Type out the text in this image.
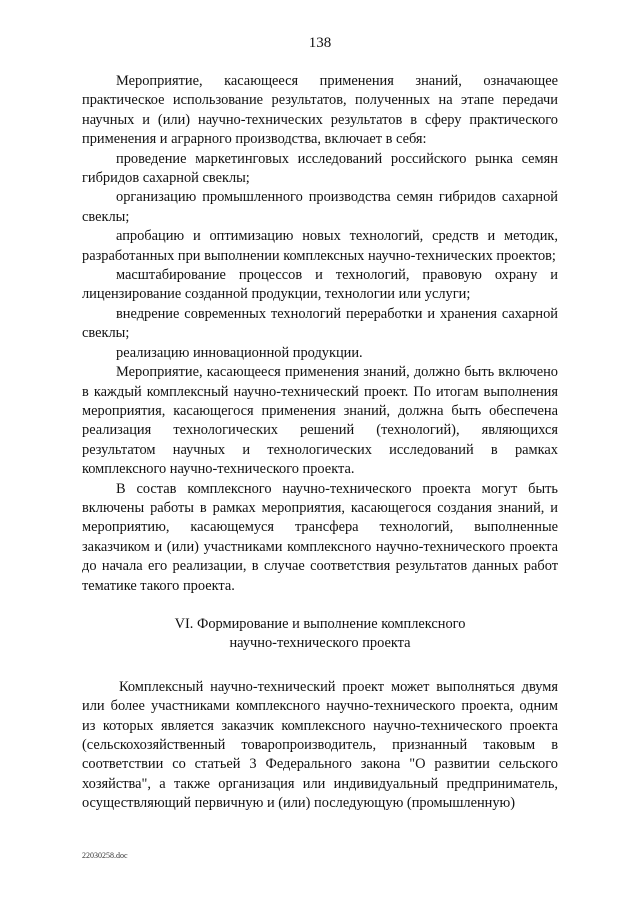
138

Мероприятие, касающееся применения знаний, означающее практическое использование результатов, полученных на этапе передачи научных и (или) научно-технических результатов в сферу практического применения и аграрного производства, включает в себя:

проведение маркетинговых исследований российского рынка семян гибридов сахарной свеклы;

организацию промышленного производства семян гибридов сахарной свеклы;

апробацию и оптимизацию новых технологий, средств и методик, разработанных при выполнении комплексных научно-технических проектов;

масштабирование процессов и технологий, правовую охрану и лицензирование созданной продукции, технологии или услуги;

внедрение современных технологий переработки и хранения сахарной свеклы;

реализацию инновационной продукции.

Мероприятие, касающееся применения знаний, должно быть включено в каждый комплексный научно-технический проект. По итогам выполнения мероприятия, касающегося применения знаний, должна быть обеспечена реализация технологических решений (технологий), являющихся результатом научных и технологических исследований в рамках комплексного научно-технического проекта.

В состав комплексного научно-технического проекта могут быть включены работы в рамках мероприятия, касающегося создания знаний, и мероприятию, касающемуся трансфера технологий, выполненные заказчиком и (или) участниками комплексного научно-технического проекта до начала его реализации, в случае соответствия результатов данных работ тематике такого проекта.

VI. Формирование и выполнение комплексного
научно-технического проекта

Комплексный научно-технический проект может выполняться двумя или более участниками комплексного научно-технического проекта, одним из которых является заказчик комплексного научно-технического проекта (сельскохозяйственный товаропроизводитель, признанный таковым в соответствии со статьей 3 Федерального закона "О развитии сельского хозяйства", а также организация или индивидуальный предприниматель, осуществляющий первичную и (или) последующую (промышленную)

22030258.doc
